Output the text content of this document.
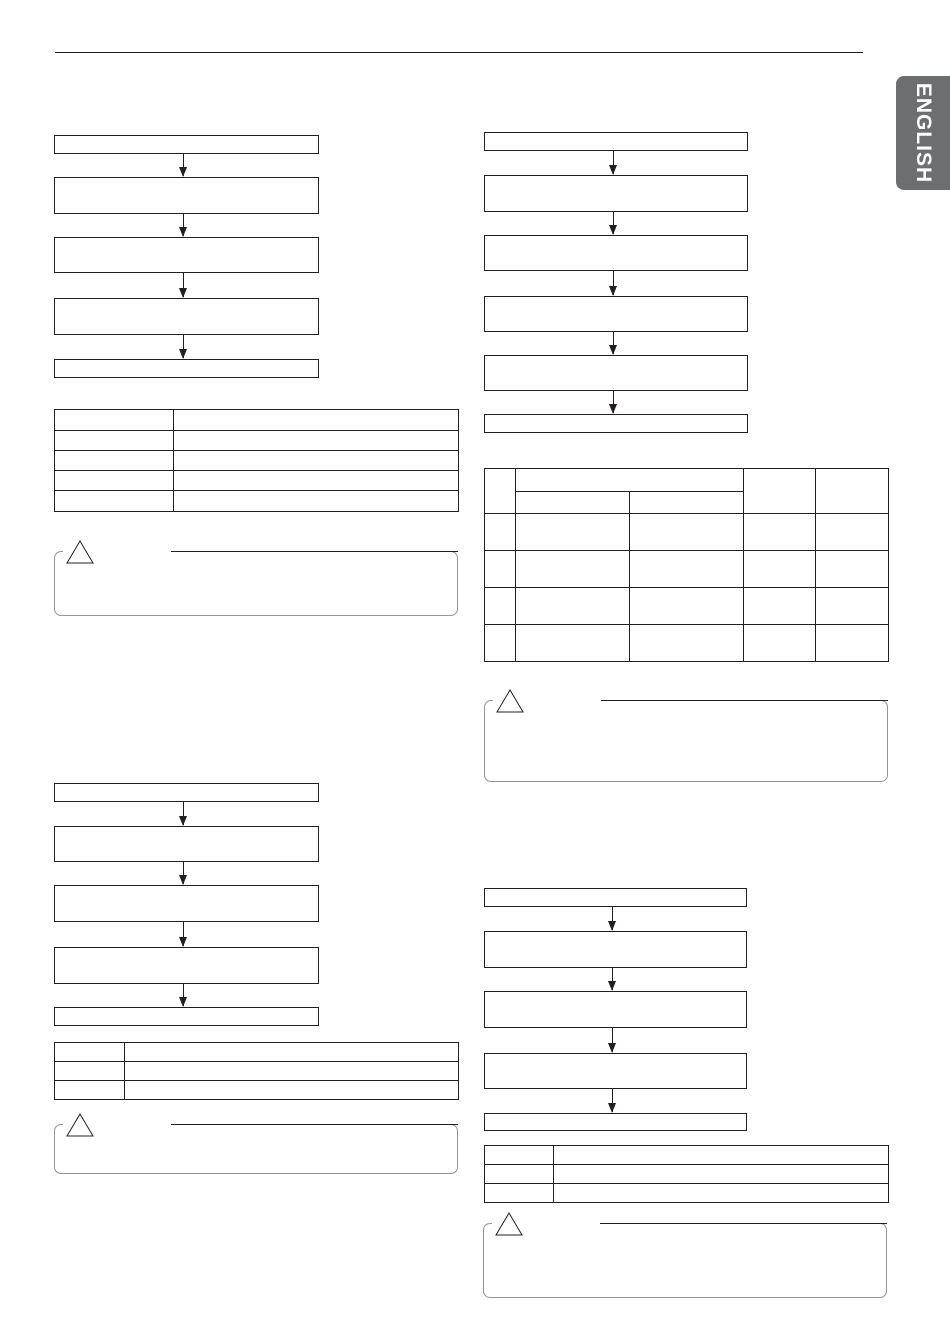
ENGLISH
